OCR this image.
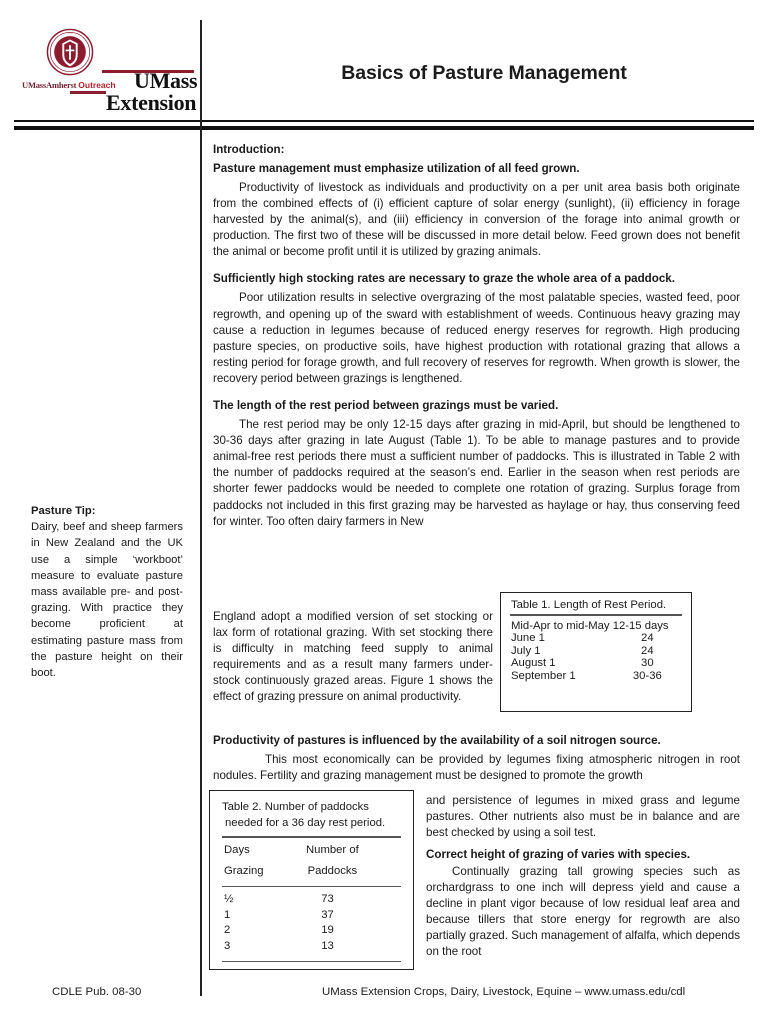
•••••
UMassAmherst Outreach UMass
Extension
Basics of Pasture Management
Pasture Tip:
Dairy, beef and sheep farmers in New Zealand and the UK use a simple ‘workboot’ measure to evaluate pasture mass available pre- and post-grazing. With practice they become proficient at estimating pasture mass from the pasture height on their boot.

Introduction:

Pasture management must emphasize utilization of all feed grown.

Productivity of livestock as individuals and productivity on a per unit area basis both originate from the combined effects of (i) efficient capture of solar energy (sunlight), (ii) efficiency in forage harvested by the animal(s), and (iii) efficiency in conversion of the forage into animal growth or production. The first two of these will be discussed in more detail below. Feed grown does not benefit the animal or become profit until it is utilized by grazing animals.

Sufficiently high stocking rates are necessary to graze the whole area of a paddock.

Poor utilization results in selective overgrazing of the most palatable species, wasted feed, poor regrowth, and opening up of the sward with establishment of weeds. Continuous heavy grazing may cause a reduction in legumes because of reduced energy reserves for regrowth. High producing pasture species, on productive soils, have highest production with rotational grazing that allows a resting period for forage growth, and full recovery of reserves for regrowth. When growth is slower, the recovery period between grazings is lengthened.

The length of the rest period between grazings must be varied.

The rest period may be only 12-15 days after grazing in mid-April, but should be lengthened to 30-36 days after grazing in late August (Table 1). To be able to manage pastures and to provide animal-free rest periods there must a sufficient number of paddocks. This is illustrated in Table 2 with the number of paddocks required at the season’s end. Earlier in the season when rest periods are shorter fewer paddocks would be needed to complete one rotation of grazing. Surplus forage from paddocks not included in this first grazing may be harvested as haylage or hay, thus conserving feed for winter. Too often dairy farmers in New

England adopt a modified version of set stocking or lax form of rotational grazing. With set stocking there is difficulty in matching feed supply to animal requirements and as a result many farmers under-stock continuously grazed areas. Figure 1 shows the effect of grazing pressure on animal productivity.
Table 1. Length of Rest Period.
Mid-Apr to mid-May 12-15 days
June 1	24
July 1	24
August 1	30
September 1	30-36

Productivity of pastures is influenced by the availability of a soil nitrogen source.

This most economically can be provided by legumes fixing atmospheric nitrogen in root nodules. Fertility and grazing management must be designed to promote the growth

Table 2. Number of paddocks
needed for a 36 day rest period.
Days	Number of
Grazing	Paddocks
½	73
1	37
2	19
3	13
and persistence of legumes in mixed grass and legume pastures. Other nutrients also must be in balance and are best checked by using a soil test.
Correct height of grazing of varies with species.
Continually grazing tall growing species such as orchardgrass to one inch will depress yield and cause a decline in plant vigor because of low residual leaf area and because tillers that store energy for regrowth are also partially grazed. Such management of alfalfa, which depends on the root
CDLE Pub. 08-30	UMass Extension Crops, Dairy, Livestock, Equine – www.umass.edu/cdl
